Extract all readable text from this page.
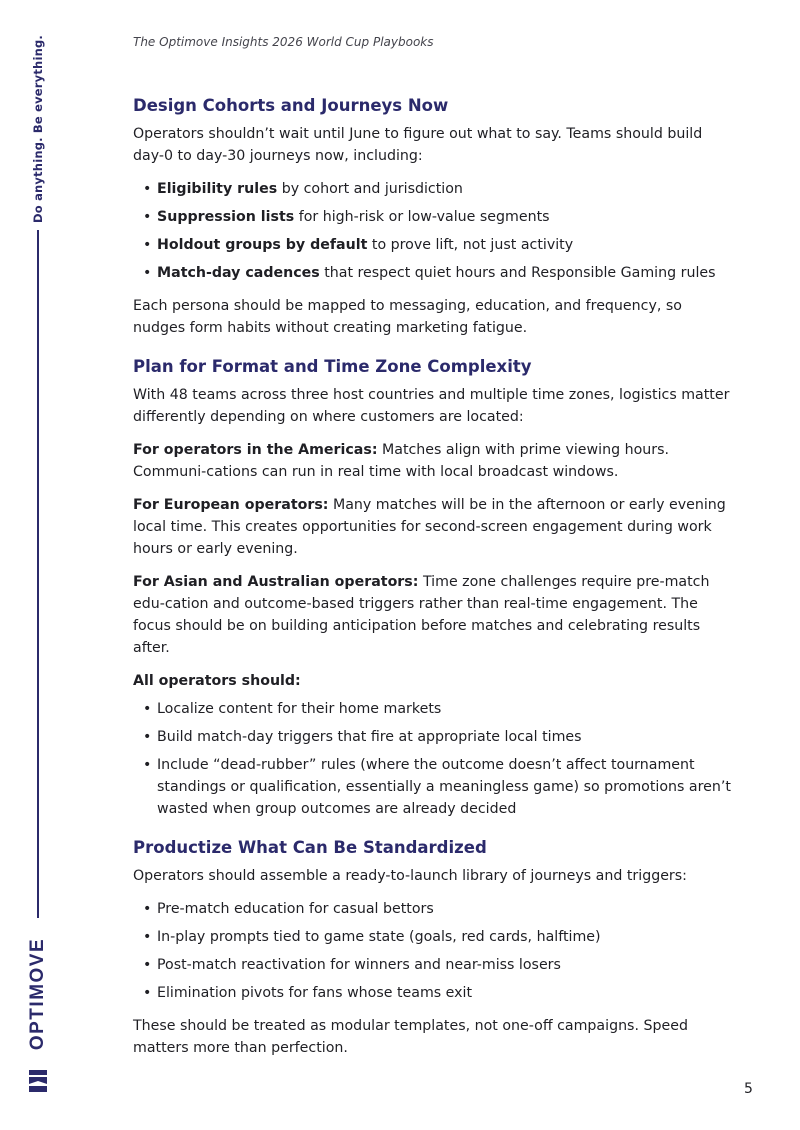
Do anything. Be everything.
OPTIMOVE
The Optimove Insights 2026 World Cup Playbooks
Design Cohorts and Journeys Now

Operators shouldn’t wait until June to figure out what to say. Teams should build day-0 to day-30 journeys now, including:

• Eligibility rules by cohort and jurisdiction
• Suppression lists for high-risk or low-value segments
• Holdout groups by default to prove lift, not just activity
• Match-day cadences that respect quiet hours and Responsible Gaming rules

Each persona should be mapped to messaging, education, and frequency, so nudges form habits without creating marketing fatigue.

Plan for Format and Time Zone Complexity

With 48 teams across three host countries and multiple time zones, logistics matter differently depending on where customers are located:

For operators in the Americas: Matches align with prime viewing hours. Communi-cations can run in real time with local broadcast windows.

For European operators: Many matches will be in the afternoon or early evening local time. This creates opportunities for second-screen engagement during work hours or early evening.

For Asian and Australian operators: Time zone challenges require pre-match edu-cation and outcome-based triggers rather than real-time engagement. The focus should be on building anticipation before matches and celebrating results after.

All operators should:

• Localize content for their home markets
• Build match-day triggers that fire at appropriate local times
• Include “dead-rubber” rules (where the outcome doesn’t affect tournament standings or qualification, essentially a meaningless game) so promotions aren’t wasted when group outcomes are already decided
Productize What Can Be Standardized

Operators should assemble a ready-to-launch library of journeys and triggers:

• Pre-match education for casual bettors
• In-play prompts tied to game state (goals, red cards, halftime)
• Post-match reactivation for winners and near-miss losers
• Elimination pivots for fans whose teams exit

These should be treated as modular templates, not one-off campaigns. Speed matters more than perfection.

5
